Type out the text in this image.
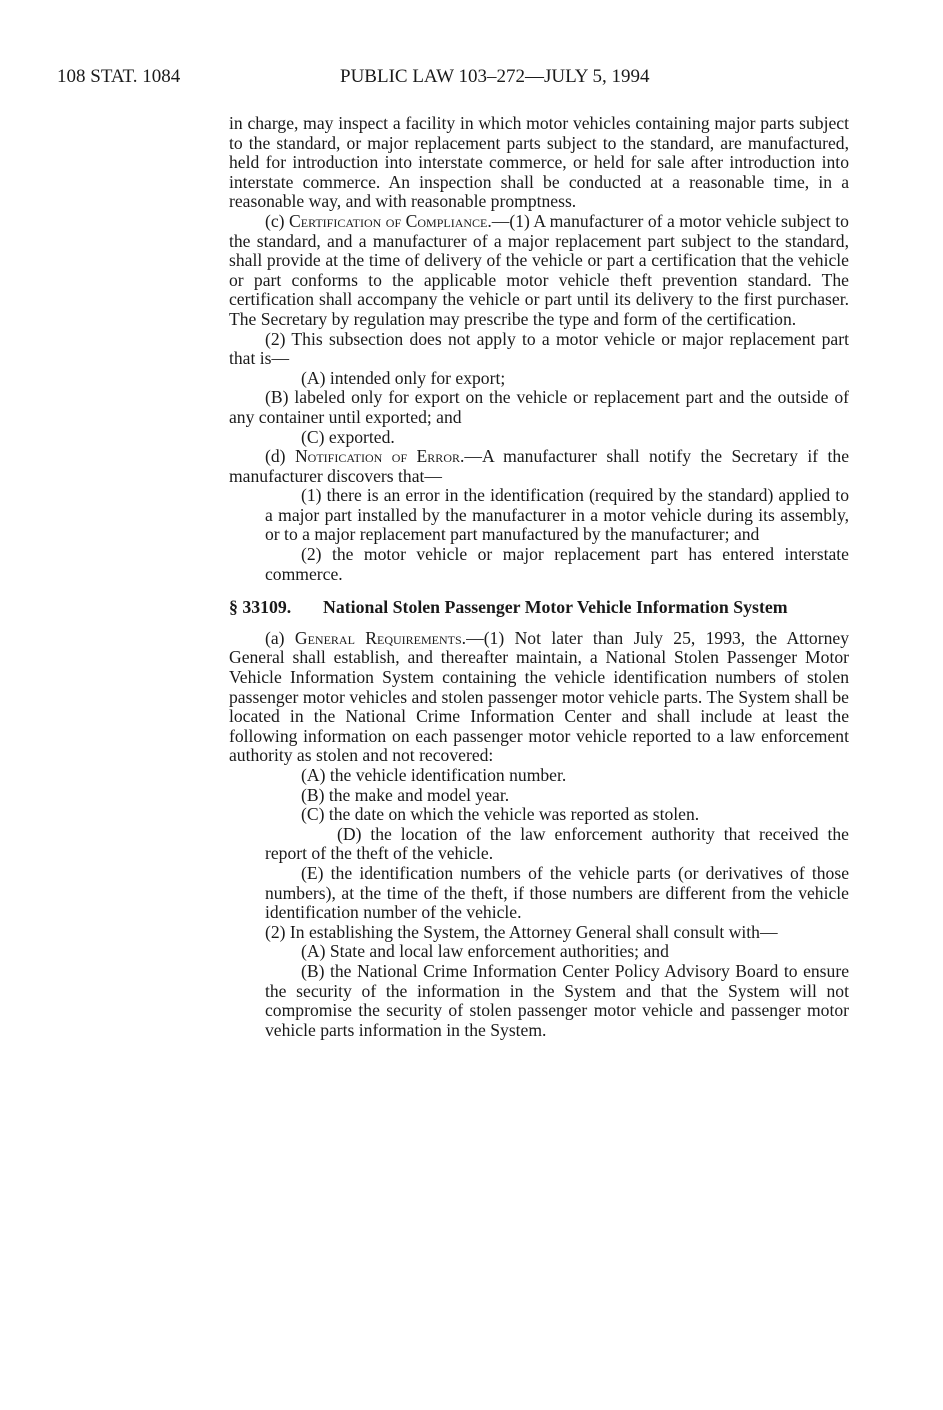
108 STAT. 1084	PUBLIC LAW 103–272—JULY 5, 1994

in charge, may inspect a facility in which motor vehicles containing major parts subject to the standard, or major replacement parts subject to the standard, are manufactured, held for introduction into interstate commerce, or held for sale after introduction into interstate commerce. An inspection shall be conducted at a reasonable time, in a reasonable way, and with reasonable promptness.

(c) Certification of Compliance.—(1) A manufacturer of a motor vehicle subject to the standard, and a manufacturer of a major replacement part subject to the standard, shall provide at the time of delivery of the vehicle or part a certification that the vehicle or part conforms to the applicable motor vehicle theft prevention standard. The certification shall accompany the vehicle or part until its delivery to the first purchaser. The Secretary by regulation may prescribe the type and form of the certification.

(2) This subsection does not apply to a motor vehicle or major replacement part that is—

(A) intended only for export;

(B) labeled only for export on the vehicle or replacement part and the outside of any container until exported; and

(C) exported.

(d) Notification of Error.—A manufacturer shall notify the Secretary if the manufacturer discovers that—

(1) there is an error in the identification (required by the standard) applied to a major part installed by the manufacturer in a motor vehicle during its assembly, or to a major replacement part manufactured by the manufacturer; and

(2) the motor vehicle or major replacement part has entered interstate commerce.

§ 33109.	National Stolen Passenger Motor Vehicle Information System

(a) General Requirements.—(1) Not later than July 25, 1993, the Attorney General shall establish, and thereafter maintain, a National Stolen Passenger Motor Vehicle Information System containing the vehicle identification numbers of stolen passenger motor vehicles and stolen passenger motor vehicle parts. The System shall be located in the National Crime Information Center and shall include at least the following information on each passenger motor vehicle reported to a law enforcement authority as stolen and not recovered:

(A) the vehicle identification number.

(B) the make and model year.

(C) the date on which the vehicle was reported as stolen.

(D) the location of the law enforcement authority that received the report of the theft of the vehicle.

(E) the identification numbers of the vehicle parts (or derivatives of those numbers), at the time of the theft, if those numbers are different from the vehicle identification number of the vehicle.

(2) In establishing the System, the Attorney General shall consult with—

(A) State and local law enforcement authorities; and

(B) the National Crime Information Center Policy Advisory Board to ensure the security of the information in the System and that the System will not compromise the security of stolen passenger motor vehicle and passenger motor vehicle parts information in the System.
